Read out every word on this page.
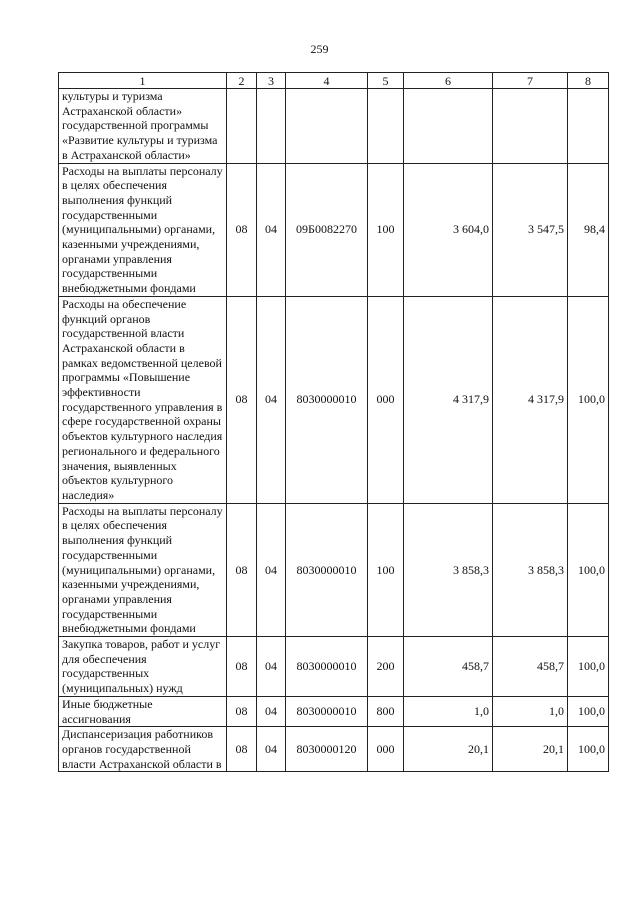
259
1	2	3	4	5	6	7	8
культуры и туризма Астраханской области» государственной программы «Развитие культуры и туризма в Астраханской области»							
Расходы на выплаты персоналу в целях обеспечения выполнения функций государственными (муниципальными) органами, казенными учреждениями, органами управления государственными внебюджетными фондами	08	04	09Б0082270	100	3 604,0	3 547,5	98,4
Расходы на обеспечение функций органов государственной власти Астраханской области в рамках ведомственной целевой программы «Повышение эффективности государственного управления в сфере государственной охраны объектов культурного наследия регионального и федерального значения, выявленных объектов культурного наследия»	08	04	8030000010	000	4 317,9	4 317,9	100,0
Расходы на выплаты персоналу в целях обеспечения выполнения функций государственными (муниципальными) органами, казенными учреждениями, органами управления государственными внебюджетными фондами	08	04	8030000010	100	3 858,3	3 858,3	100,0
Закупка товаров, работ и услуг для обеспечения государственных (муниципальных) нужд	08	04	8030000010	200	458,7	458,7	100,0
Иные бюджетные ассигнования	08	04	8030000010	800	1,0	1,0	100,0
Диспансеризация работников органов государственной власти Астраханской области в	08	04	8030000120	000	20,1	20,1	100,0
